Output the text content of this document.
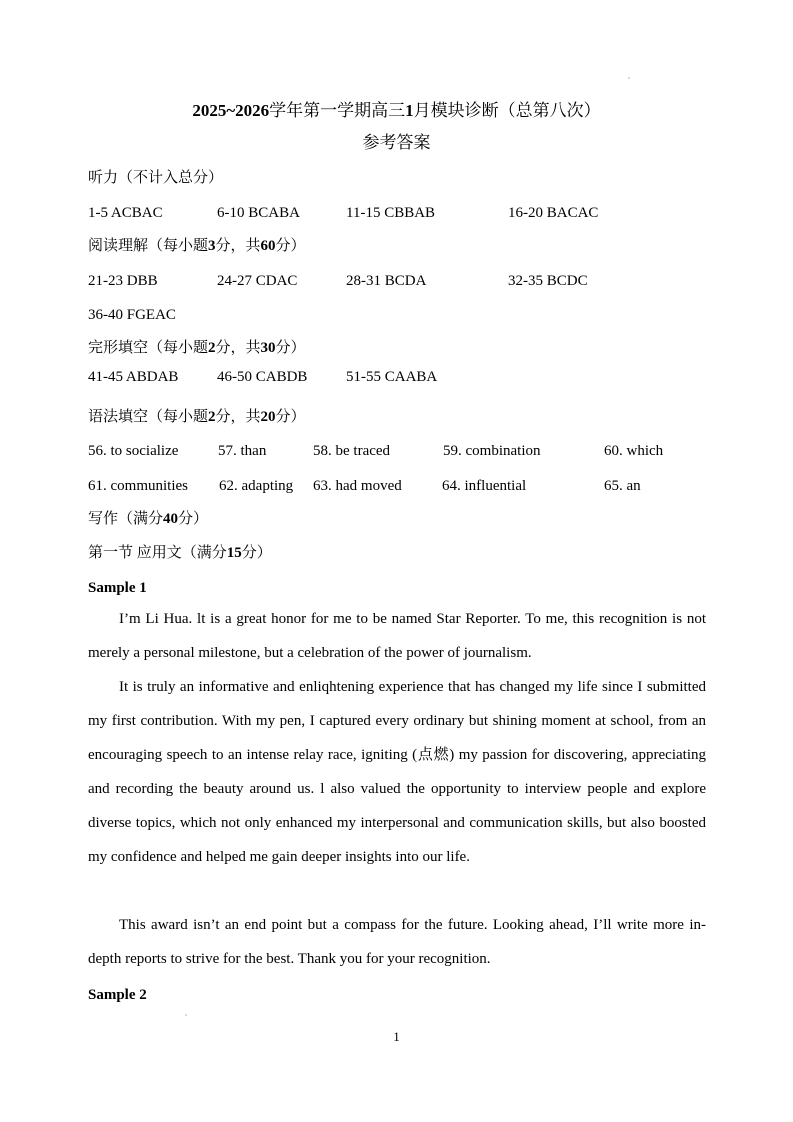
2025~2026学年第一学期高三1月模块诊断（总第八次）
参考答案
听力（不计入总分）
1-5 ACBAC	6-10 BCABA	11-15 CBBAB	16-20 BACAC
阅读理解（每小题3分，共60分）
21-23 DBB	24-27 CDAC	28-31 BCDA	32-35 BCDC
36-40 FGEAC
完形填空（每小题2分，共30分）
41-45 ABDAB	46-50 CABDB	51-55 CAABA
语法填空（每小题2分，共20分）
56. to socialize	57. than	58. be traced	59. combination	60. which
61. communities 62. adapting 63. had moved	64. influential	65. an
写作（满分40分）
第一节 应用文（满分15分）
Sample 1
I’m Li Hua. lt is a great honor for me to be named Star Reporter. To me, this recognition is not merely a personal milestone, but a celebration of the power of journalism.
It is truly an informative and enliqhtening experience that has changed my life since I submitted my first contribution. With my pen, I captured every ordinary but shining moment at school, from an encouraging speech to an intense relay race, igniting (点燃) my passion for discovering, appreciating and recording the beauty around us. l also valued the opportunity to interview people and explore diverse topics, which not only enhanced my interpersonal and communication skills, but also boosted my confidence and helped me gain deeper insights into our life.
This award isn’t an end point but a compass for the future. Looking ahead, I’ll write more in-depth reports to strive for the best. Thank you for your recognition.
Sample 2
1
